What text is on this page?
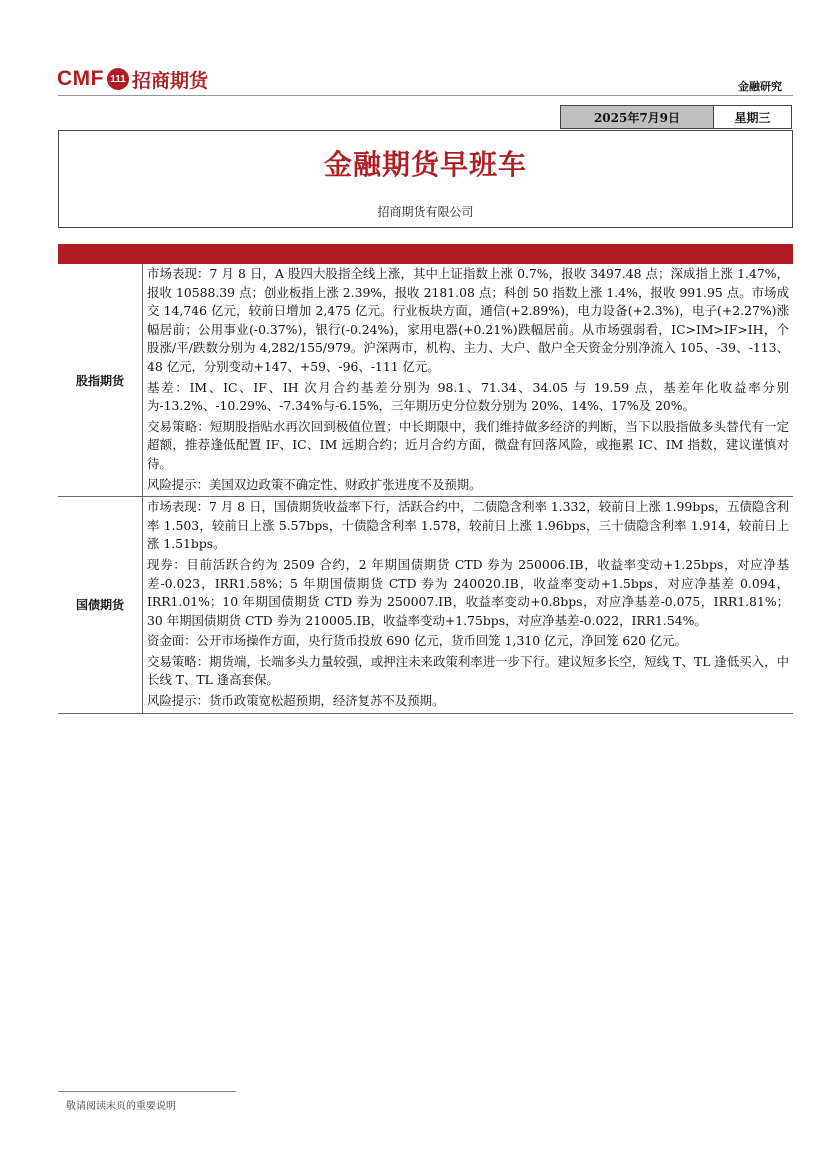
CMF 111 招商期货	金融研究
2025年7月9日	星期三
金融期货早班车
招商期货有限公司
股指期货

市场表现：7 月 8 日，A 股四大股指全线上涨，其中上证指数上涨 0.7%，报收 3497.48 点；深成指上涨 1.47%，报收 10588.39 点；创业板指上涨 2.39%，报收 2181.08 点；科创 50 指数上涨 1.4%，报收 991.95 点。市场成交 14,746 亿元，较前日增加 2,475 亿元。行业板块方面，通信(+2.89%)，电力设备(+2.3%)，电子(+2.27%)涨幅居前；公用事业(-0.37%)，银行(-0.24%)，家用电器(+0.21%)跌幅居前。从市场强弱看，IC>IM>IF>IH，个股涨/平/跌数分别为 4,282/155/979。沪深两市，机构、主力、大户、散户全天资金分别净流入 105、-39、-113、48 亿元，分别变动+147、+59、-96、-111 亿元。

基差：IM、IC、IF、IH 次月合约基差分别为 98.1、71.34、34.05 与 19.59 点，基差年化收益率分别为-13.2%、-10.29%、-7.34%与-6.15%，三年期历史分位数分别为 20%、14%、17%及 20%。

交易策略：短期股指贴水再次回到极值位置；中长期限中，我们维持做多经济的判断，当下以股指做多头替代有一定超额，推荐逢低配置 IF、IC、IM 远期合约；近月合约方面，微盘有回落风险，或拖累 IC、IM 指数，建议谨慎对待。

风险提示：美国双边政策不确定性、财政扩张进度不及预期。

国债期货

市场表现：7 月 8 日，国债期货收益率下行，活跃合约中，二债隐含利率 1.332，较前日上涨 1.99bps，五债隐含利率 1.503，较前日上涨 5.57bps，十债隐含利率 1.578，较前日上涨 1.96bps，三十债隐含利率 1.914，较前日上涨 1.51bps。

现券：目前活跃合约为 2509 合约，2 年期国债期货 CTD 券为 250006.IB，收益率变动+1.25bps，对应净基差-0.023，IRR1.58%；5 年期国债期货 CTD 券为 240020.IB，收益率变动+1.5bps，对应净基差 0.094，IRR1.01%；10 年期国债期货 CTD 券为 250007.IB，收益率变动+0.8bps，对应净基差-0.075，IRR1.81%；30 年期国债期货 CTD 券为 210005.IB，收益率变动+1.75bps，对应净基差-0.022，IRR1.54%。

资金面：公开市场操作方面，央行货币投放 690 亿元，货币回笼 1,310 亿元，净回笼 620 亿元。

交易策略：期货端，长端多头力量较强，或押注未来政策利率进一步下行。建议短多长空，短线 T、TL 逢低买入，中长线 T、TL 逢高套保。

风险提示：货币政策宽松超预期，经济复苏不及预期。

敬请阅读末页的重要说明
